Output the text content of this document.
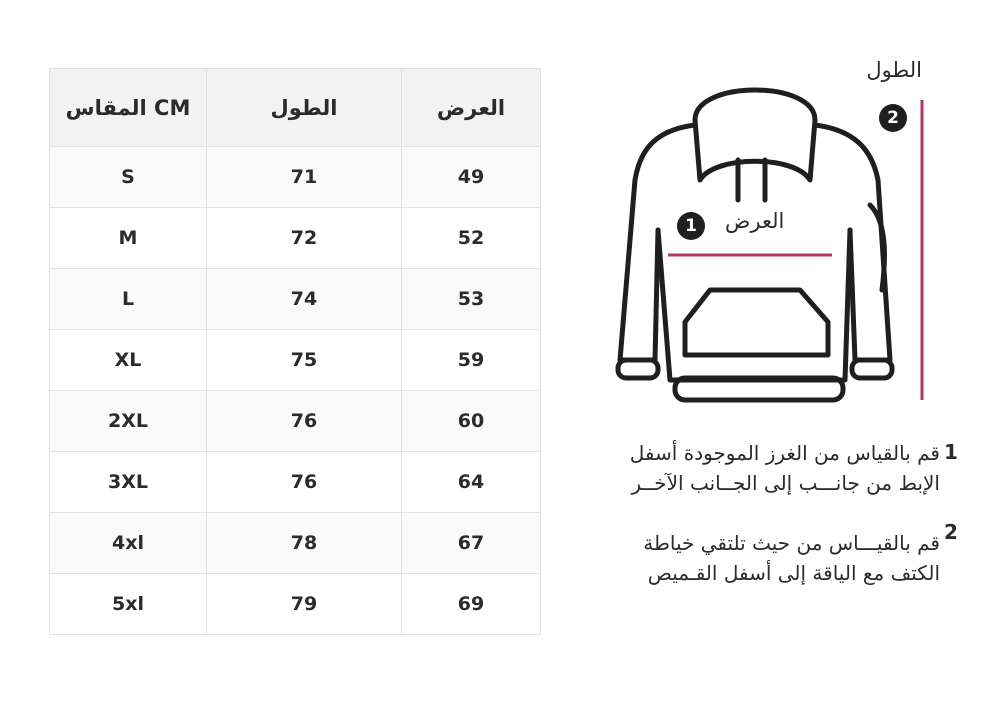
المقاس CM	الطول	العرض
S	71	49
M	72	52
L	74	53
XL	75	59
2XL	76	60
3XL	76	64
4xl	78	67
5xl	79	69
الطول
العرض
1
2
1
قم بالقياس من الغرز الموجودة أسفل
الإبط من جانـــب إلى الجــانب الآخــر
2
قم بالقيـــاس من حيث تلتقي خياطة
الكتف مع الياقة إلى أسفل القـميص
